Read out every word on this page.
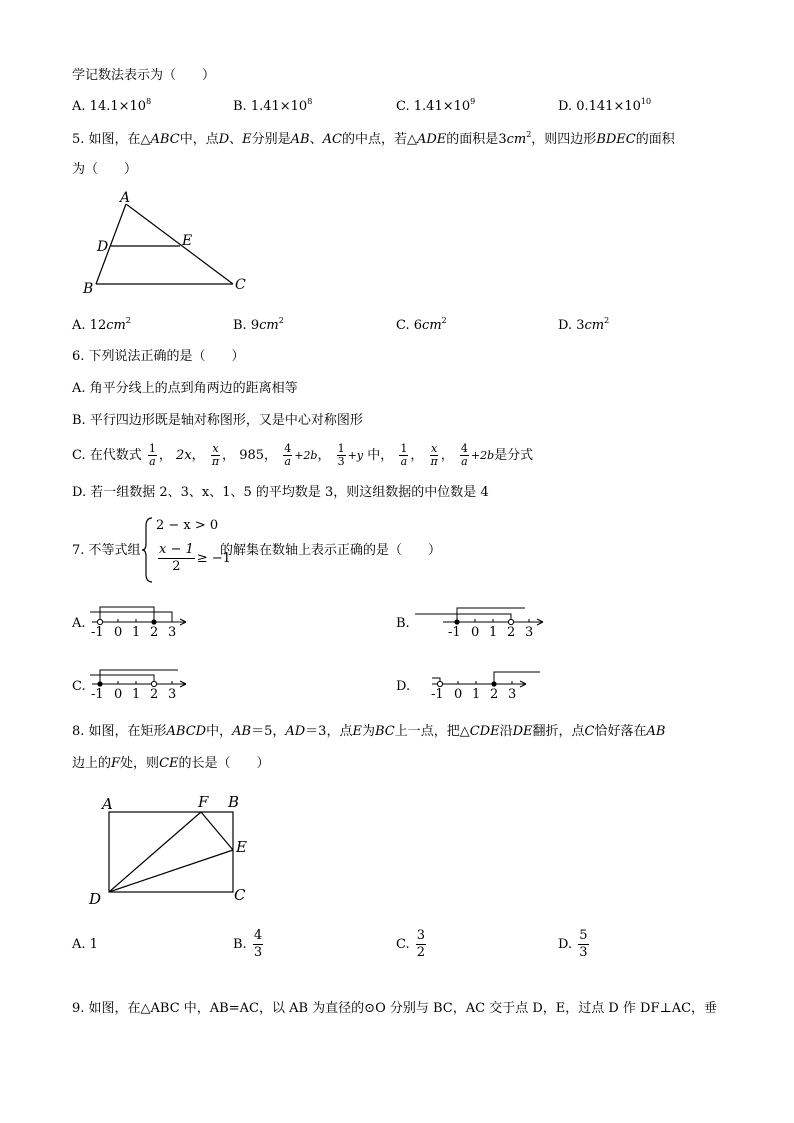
学记数法表示为（　　）
A. $14.1\times 10^8$	B. $1.41\times 10^8$	C. $1.41\times 10^9$	D. $0.141\times 10^{10}$
5. 如图，在△ABC中，点D、E分别是AB、AC的中点，若△ADE的面积是$3cm^2$，则四边形BDEC的面积
为（　　）
A
D	E
B	C
A. $12cm^2$	B. $9cm^2$	C. $6cm^2$	D. $3cm^2$
6. 下列说法正确的是（　　）
A. 角平分线上的点到角两边的距离相等
B. 平行四边形既是轴对称图形，又是中心对称图形
C. 在代数式 $\frac{1}{a}$ ， 2x， $\frac{x}{\pi}$ ， 985， $\frac{4}{a} +2b$， $\frac{1}{3} +y$ 中， $\frac{1}{a}$ ， $\frac{x}{\pi}$ ， $\frac{4}{a} +2b$是分式
D. 若一组数据 2、3、x、1、5 的平均数是 3，则这组数据的中位数是 4
7. 不等式组
2 − x > 0
$\frac{x - 1}{2} \ge -1$
的解集在数轴上表示正确的是（　　）
A.
-1 0 1 2 3
B.
-1 0 1 2 3
C.
-1 0 1 2 3
D.
-1 0 1 2 3
8. 如图，在矩形ABCD中，AB＝5，AD＝3，点E为BC上一点，把△CDE沿DE翻折，点C恰好落在AB
边上的F处，则CE的长是（　　）
A	F B
E
D	C
A. 1	B. $\frac{4}{3}$	C. $\frac{3}{2}$	D. $\frac{5}{3}$
9. 如图，在△ABC 中，AB=AC，以 AB 为直径的⊙O 分别与 BC，AC 交于点 D，E，过点 D 作 DF⊥AC，垂
